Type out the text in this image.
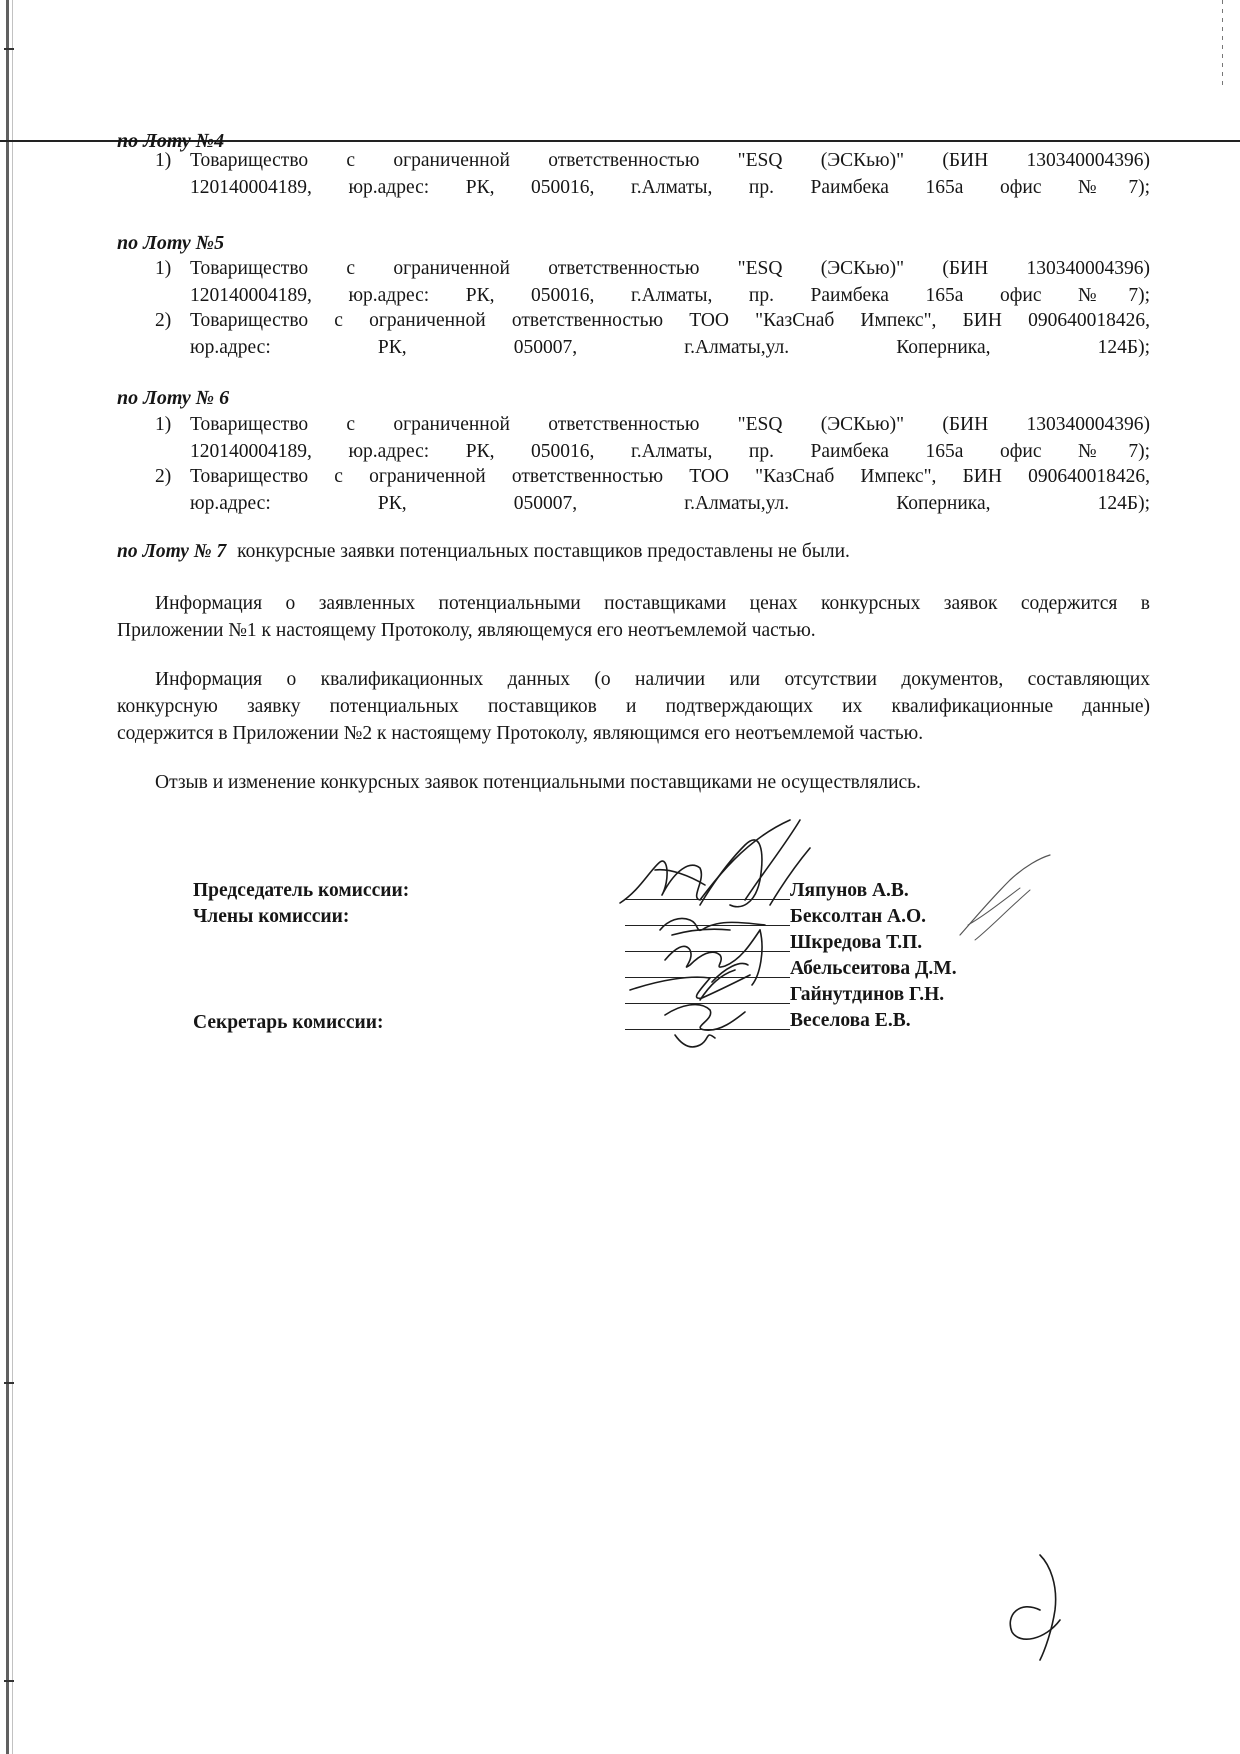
по Лоту №4
1) Товарищество с ограниченной ответственностью "ESQ (ЭСКью)" (БИН 130340004396)
120140004189, юр.адрес: РК, 050016, г.Алматы, пр. Раимбека 165а офис №7);
по Лоту №5
1) Товарищество с ограниченной ответственностью "ESQ (ЭСКью)" (БИН 130340004396)
120140004189, юр.адрес: РК, 050016, г.Алматы, пр. Раимбека 165а офис №7);
2) Товарищество с ограниченной ответственностью ТОО "КазСнаб Импекс", БИН 090640018426,
юр.адрес: РК, 050007, г.Алматы,ул. Коперника, 124Б);
по Лоту № 6
1) Товарищество с ограниченной ответственностью "ESQ (ЭСКью)" (БИН 130340004396)
120140004189, юр.адрес: РК, 050016, г.Алматы, пр. Раимбека 165а офис №7);
2) Товарищество с ограниченной ответственностью ТОО "КазСнаб Импекс", БИН 090640018426,
юр.адрес: РК, 050007, г.Алматы,ул. Коперника, 124Б);
по Лоту № 7 конкурсные заявки потенциальных поставщиков предоставлены не были.
Информация о заявленных потенциальными поставщиками ценах конкурсных заявок содержится в
Приложении №1 к настоящему Протоколу, являющемуся его неотъемлемой частью.
Информация о квалификационных данных (о наличии или отсутствии документов, составляющих
конкурсную заявку потенциальных поставщиков и подтверждающих их квалификационные данные)
содержится в Приложении №2 к настоящему Протоколу, являющимся его неотъемлемой частью.
Отзыв и изменение конкурсных заявок потенциальными поставщиками не осуществлялись.
Председатель комиссии:
Члены комиссии:
Секретарь комиссии:
Ляпунов А.В.
Бексолтан А.О.
Шкредова Т.П.
Абельсеитова Д.М.
Гайнутдинов Г.Н.
Веселова Е.В.
